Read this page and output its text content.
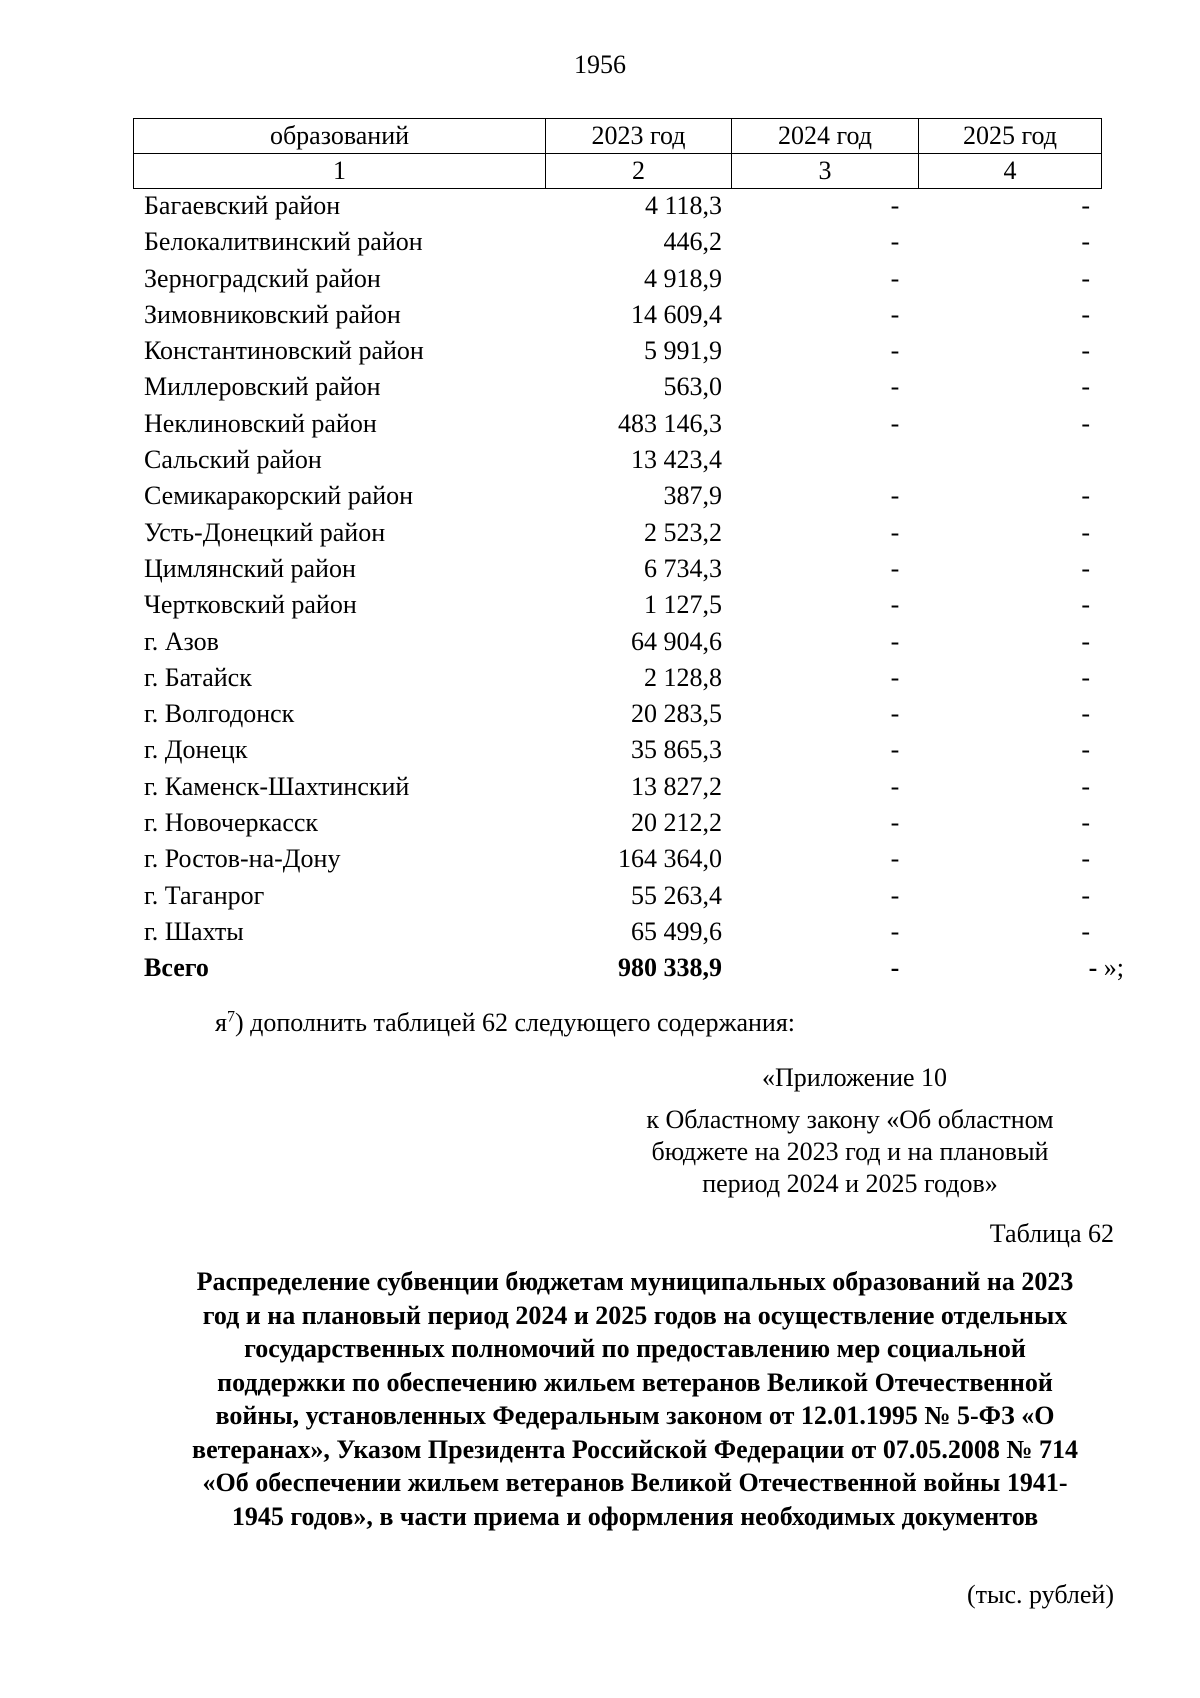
1956
образований	2023 год	2024 год	2025 год
1	2	3	4
Багаевский район	4 118,3	-	-
Белокалитвинский район	446,2	-	-
Зерноградский район	4 918,9	-	-
Зимовниковский район	14 609,4	-	-
Константиновский район	5 991,9	-	-
Миллеровский район	563,0	-	-
Неклиновский район	483 146,3	-	-
Сальский район	13 423,4
Семикаракорский район	387,9	-	-
Усть-Донецкий район	2 523,2	-	-
Цимлянский район	6 734,3	-	-
Чертковский район	1 127,5	-	-
г. Азов	64 904,6	-	-
г. Батайск	2 128,8	-	-
г. Волгодонск	20 283,5	-	-
г. Донецк	35 865,3	-	-
г. Каменск-Шахтинский	13 827,2	-	-
г. Новочеркасск	20 212,2	-	-
г. Ростов-на-Дону	164 364,0	-	-
г. Таганрог	55 263,4	-	-
г. Шахты	65 499,6	-	-
Всего	980 338,9	-	- »;
$я^7$) дополнить таблицей 62 следующего содержания:
«Приложение 10
к Областному закону «Об областном
бюджете на 2023 год и на плановый
период 2024 и 2025 годов»
Таблица 62
Распределение субвенции бюджетам муниципальных образований на 2023
год и на плановый период 2024 и 2025 годов на осуществление отдельных
государственных полномочий по предоставлению мер социальной
поддержки по обеспечению жильем ветеранов Великой Отечественной
войны, установленных Федеральным законом от 12.01.1995 № 5-ФЗ «О
ветеранах», Указом Президента Российской Федерации от 07.05.2008 № 714
«Об обеспечении жильем ветеранов Великой Отечественной войны 1941-
1945 годов», в части приема и оформления необходимых документов
(тыс. рублей)
